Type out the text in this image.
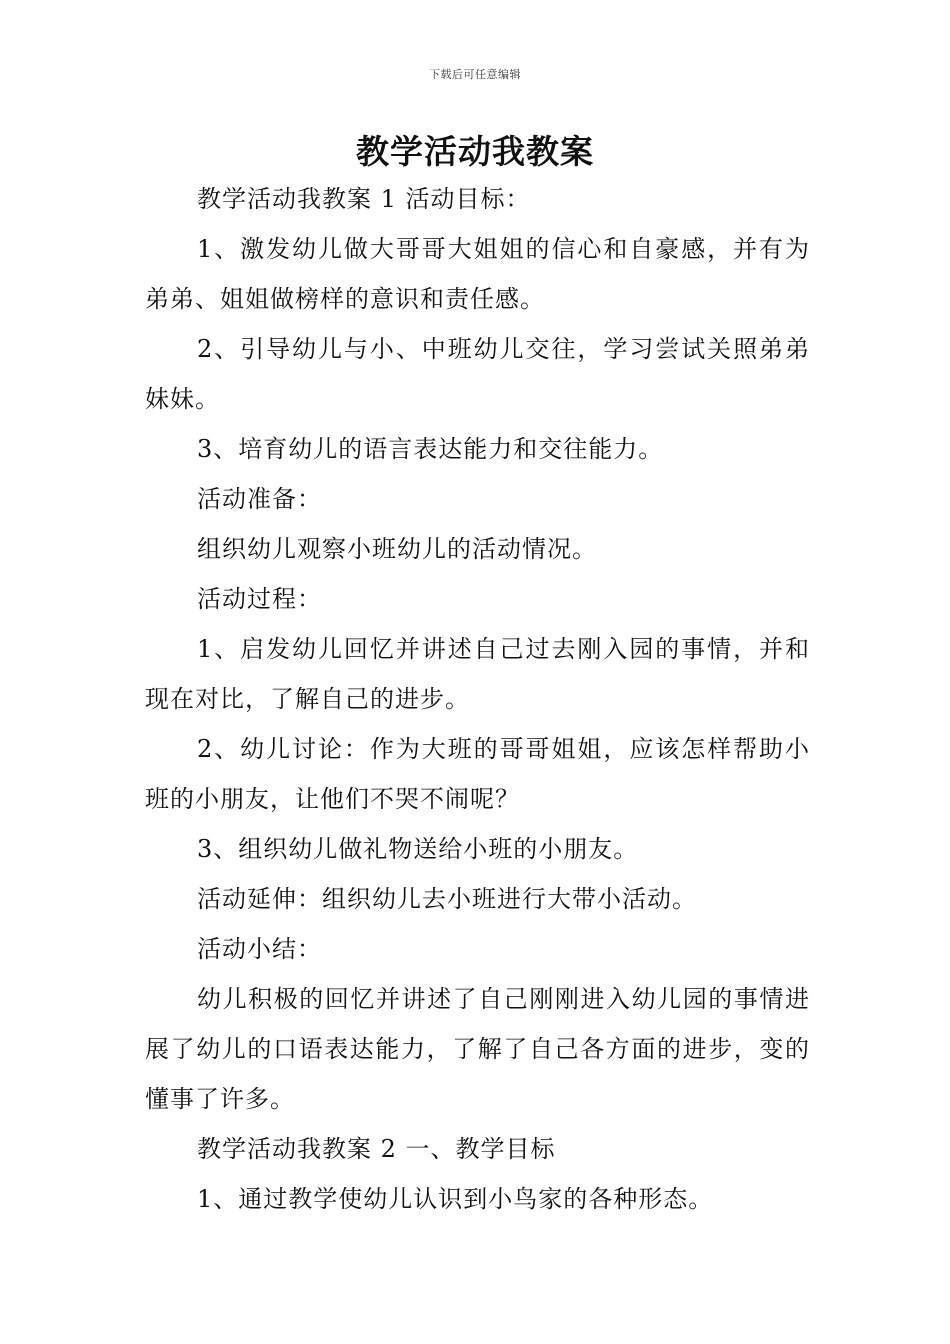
下载后可任意编辑
教学活动我教案

教学活动我教案 1 活动目标：

1、激发幼儿做大哥哥大姐姐的信心和自豪感，并有为弟弟、姐姐做榜样的意识和责任感。

2、引导幼儿与小、中班幼儿交往，学习尝试关照弟弟妹妹。

3、培育幼儿的语言表达能力和交往能力。

活动准备：

组织幼儿观察小班幼儿的活动情况。

活动过程：

1、启发幼儿回忆并讲述自己过去刚入园的事情，并和现在对比，了解自己的进步。

2、幼儿讨论：作为大班的哥哥姐姐，应该怎样帮助小班的小朋友，让他们不哭不闹呢？

3、组织幼儿做礼物送给小班的小朋友。

活动延伸：组织幼儿去小班进行大带小活动。

活动小结：

幼儿积极的回忆并讲述了自己刚刚进入幼儿园的事情进展了幼儿的口语表达能力，了解了自己各方面的进步，变的懂事了许多。

教学活动我教案 2 一、教学目标

1、通过教学使幼儿认识到小鸟家的各种形态。
